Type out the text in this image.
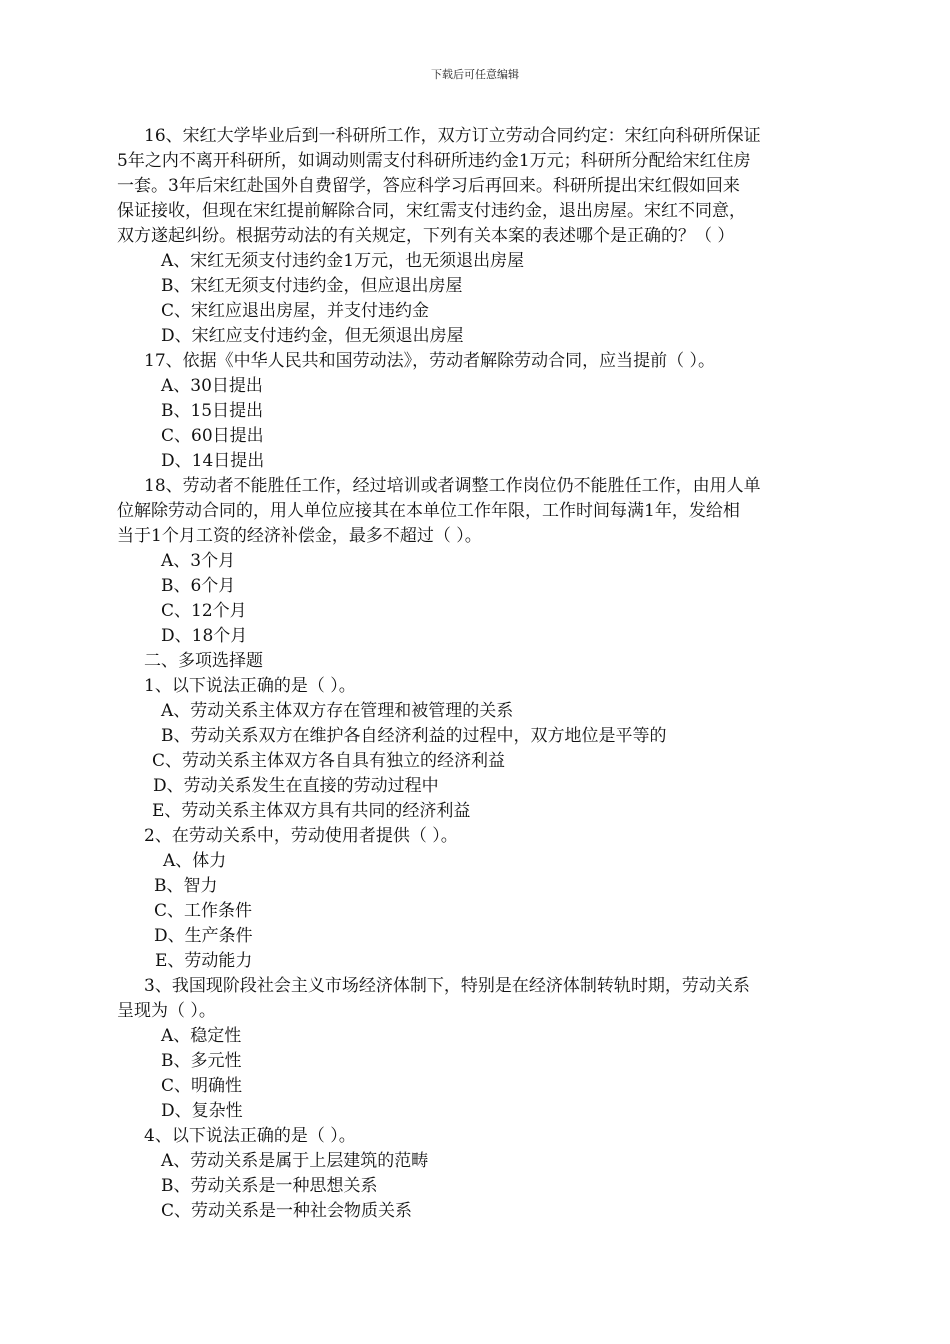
下载后可任意编辑
16、宋红大学毕业后到一科研所工作，双方订立劳动合同约定：宋红向科研所保证
5年之内不离开科研所，如调动则需支付科研所违约金1万元；科研所分配给宋红住房
一套。3年后宋红赴国外自费留学，答应科学习后再回来。科研所提出宋红假如回来
保证接收，但现在宋红提前解除合同，宋红需支付违约金，退出房屋。宋红不同意，
双方遂起纠纷。根据劳动法的有关规定，下列有关本案的表述哪个是正确的？（ ）
A、宋红无须支付违约金1万元，也无须退出房屋
B、宋红无须支付违约金，但应退出房屋
C、宋红应退出房屋，并支付违约金
D、宋红应支付违约金，但无须退出房屋
17、依据《中华人民共和国劳动法》，劳动者解除劳动合同，应当提前（ ）。
A、30日提出
B、15日提出
C、60日提出
D、14日提出
18、劳动者不能胜任工作，经过培训或者调整工作岗位仍不能胜任工作，由用人单
位解除劳动合同的，用人单位应接其在本单位工作年限，工作时间每满1年，发给相
当于1个月工资的经济补偿金，最多不超过（ ）。
A、3个月
B、6个月
C、12个月
D、18个月
二、多项选择题
1、以下说法正确的是（ ）。
A、劳动关系主体双方存在管理和被管理的关系
B、劳动关系双方在维护各自经济利益的过程中，双方地位是平等的
C、劳动关系主体双方各自具有独立的经济利益
D、劳动关系发生在直接的劳动过程中
E、劳动关系主体双方具有共同的经济利益
2、在劳动关系中，劳动使用者提供（ ）。
A、体力
B、智力
C、工作条件
D、生产条件
E、劳动能力
3、我国现阶段社会主义市场经济体制下，特别是在经济体制转轨时期，劳动关系
呈现为（ ）。
A、稳定性
B、多元性
C、明确性
D、复杂性
4、以下说法正确的是（ ）。
A、劳动关系是属于上层建筑的范畴
B、劳动关系是一种思想关系
C、劳动关系是一种社会物质关系
